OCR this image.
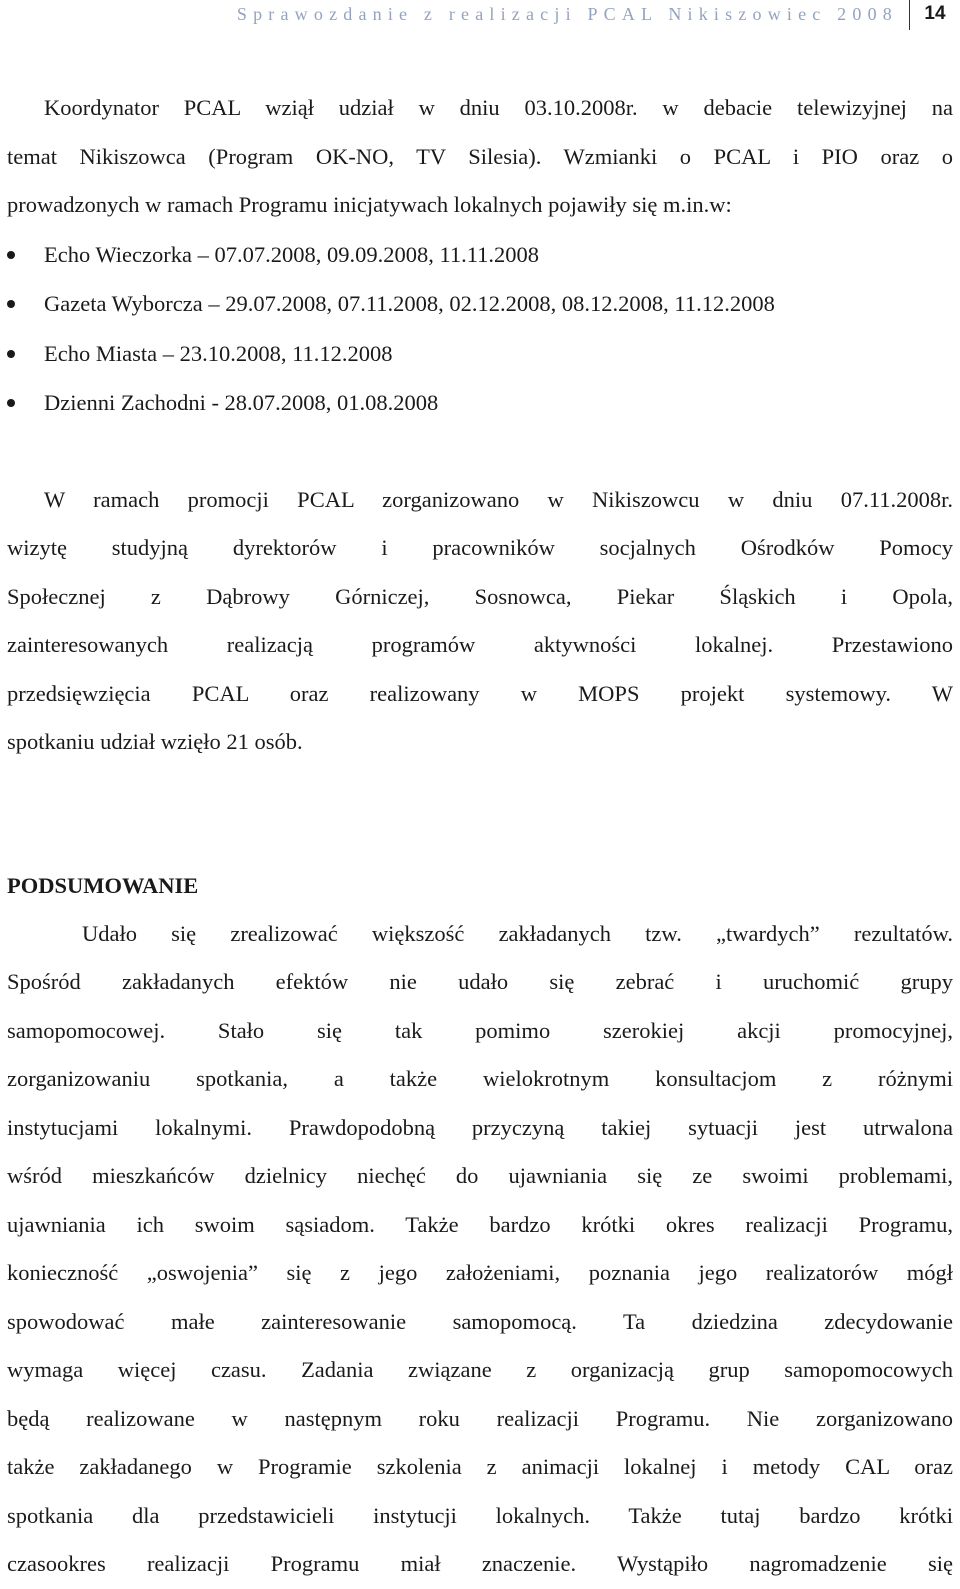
Sprawozdanie z realizacji PCAL Nikiszowiec 2008	14

Koordynator PCAL wziął udział w dniu 03.10.2008r. w debacie telewizyjnej na

temat Nikiszowca (Program OK-NO, TV Silesia). Wzmianki o PCAL i PIO oraz o

prowadzonych w ramach Programu inicjatywach lokalnych pojawiły się m.in.w:

Echo Wieczorka – 07.07.2008, 09.09.2008, 11.11.2008
Gazeta Wyborcza – 29.07.2008, 07.11.2008, 02.12.2008, 08.12.2008, 11.12.2008
Echo Miasta – 23.10.2008, 11.12.2008
Dzienni Zachodni - 28.07.2008, 01.08.2008

W ramach promocji PCAL zorganizowano w Nikiszowcu w dniu 07.11.2008r.

wizytę studyjną dyrektorów i pracowników socjalnych Ośrodków Pomocy

Społecznej z Dąbrowy Górniczej, Sosnowca, Piekar Śląskich i Opola,

zainteresowanych realizacją programów aktywności lokalnej. Przestawiono

przedsięwzięcia PCAL oraz realizowany w MOPS projekt systemowy. W

spotkaniu udział wzięło 21 osób.

PODSUMOWANIE

Udało się zrealizować większość zakładanych tzw. „twardych” rezultatów.

Spośród zakładanych efektów nie udało się zebrać i uruchomić grupy

samopomocowej. Stało się tak pomimo szerokiej akcji promocyjnej,

zorganizowaniu spotkania, a także wielokrotnym konsultacjom z różnymi

instytucjami lokalnymi. Prawdopodobną przyczyną takiej sytuacji jest utrwalona

wśród mieszkańców dzielnicy niechęć do ujawniania się ze swoimi problemami,

ujawniania ich swoim sąsiadom. Także bardzo krótki okres realizacji Programu,

konieczność „oswojenia” się z jego założeniami, poznania jego realizatorów mógł

spowodować małe zainteresowanie samopomocą. Ta dziedzina zdecydowanie

wymaga więcej czasu. Zadania związane z organizacją grup samopomocowych

będą realizowane w następnym roku realizacji Programu. Nie zorganizowano

także zakładanego w Programie szkolenia z animacji lokalnej i metody CAL oraz

spotkania dla przedstawicieli instytucji lokalnych. Także tutaj bardzo krótki

czasookres realizacji Programu miał znaczenie. Wystąpiło nagromadzenie się
